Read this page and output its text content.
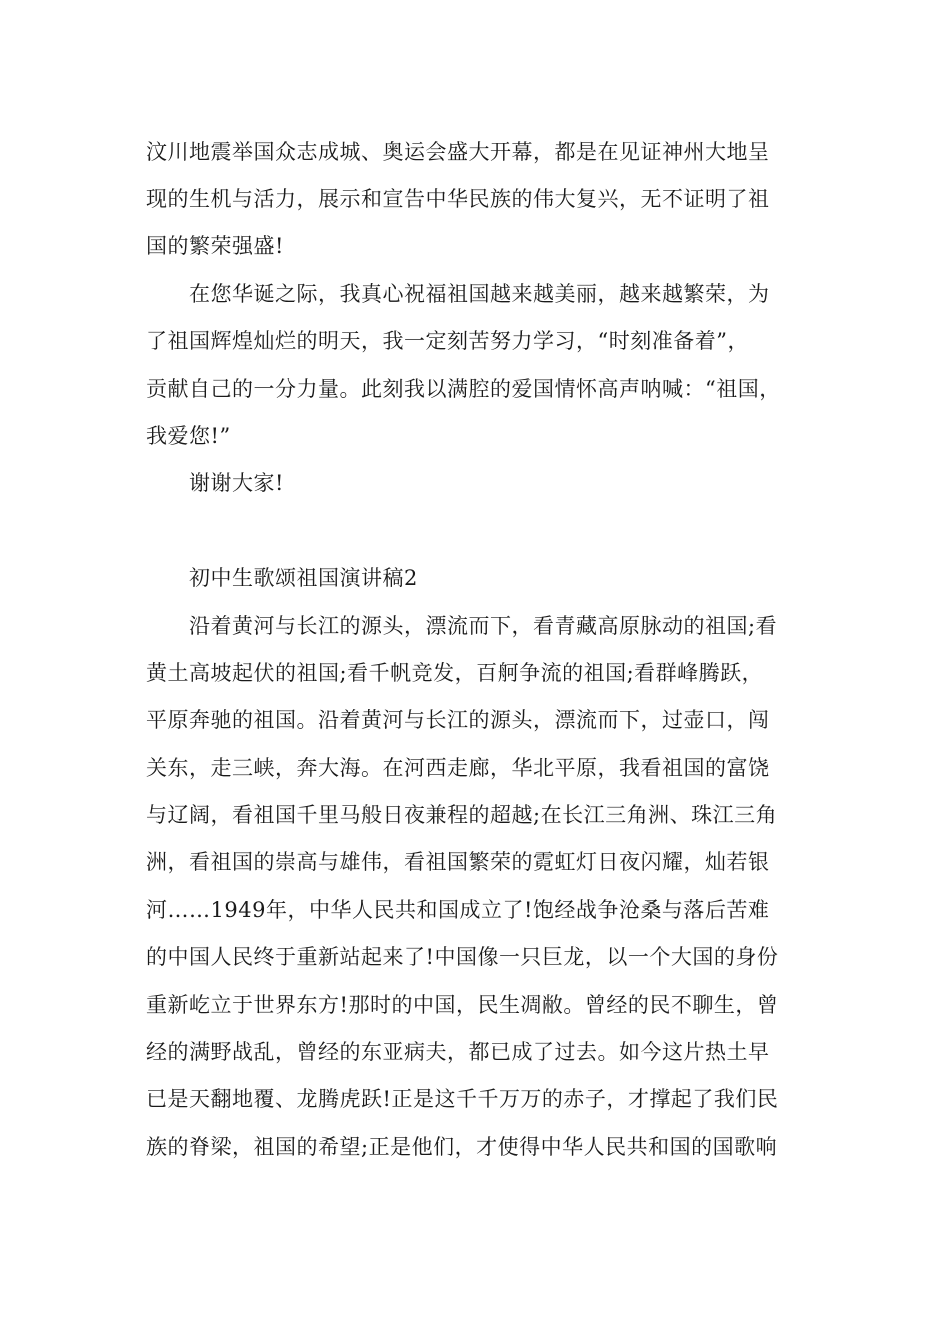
汶川地震举国众志成城、奥运会盛大开幕，都是在见证神州大地呈
现的生机与活力，展示和宣告中华民族的伟大复兴，无不证明了祖
国的繁荣强盛!
在您华诞之际，我真心祝福祖国越来越美丽，越来越繁荣，为
了祖国辉煌灿烂的明天，我一定刻苦努力学习，“时刻准备着”，
贡献自己的一分力量。此刻我以满腔的爱国情怀高声呐喊：“祖国，
我爱您!”
谢谢大家!
初中生歌颂祖国演讲稿2
沿着黄河与长江的源头，漂流而下，看青藏高原脉动的祖国;看
黄土高坡起伏的祖国;看千帆竞发，百舸争流的祖国;看群峰腾跃，
平原奔驰的祖国。沿着黄河与长江的源头，漂流而下，过壶口，闯
关东，走三峡，奔大海。在河西走廊，华北平原，我看祖国的富饶
与辽阔，看祖国千里马般日夜兼程的超越;在长江三角洲、珠江三角
洲，看祖国的崇高与雄伟，看祖国繁荣的霓虹灯日夜闪耀，灿若银
河……1949年，中华人民共和国成立了!饱经战争沧桑与落后苦难
的中国人民终于重新站起来了!中国像一只巨龙，以一个大国的身份
重新屹立于世界东方!那时的中国，民生凋敝。曾经的民不聊生，曾
经的满野战乱，曾经的东亚病夫，都已成了过去。如今这片热土早
已是天翻地覆、龙腾虎跃!正是这千千万万的赤子，才撑起了我们民
族的脊梁，祖国的希望;正是他们，才使得中华人民共和国的国歌响
